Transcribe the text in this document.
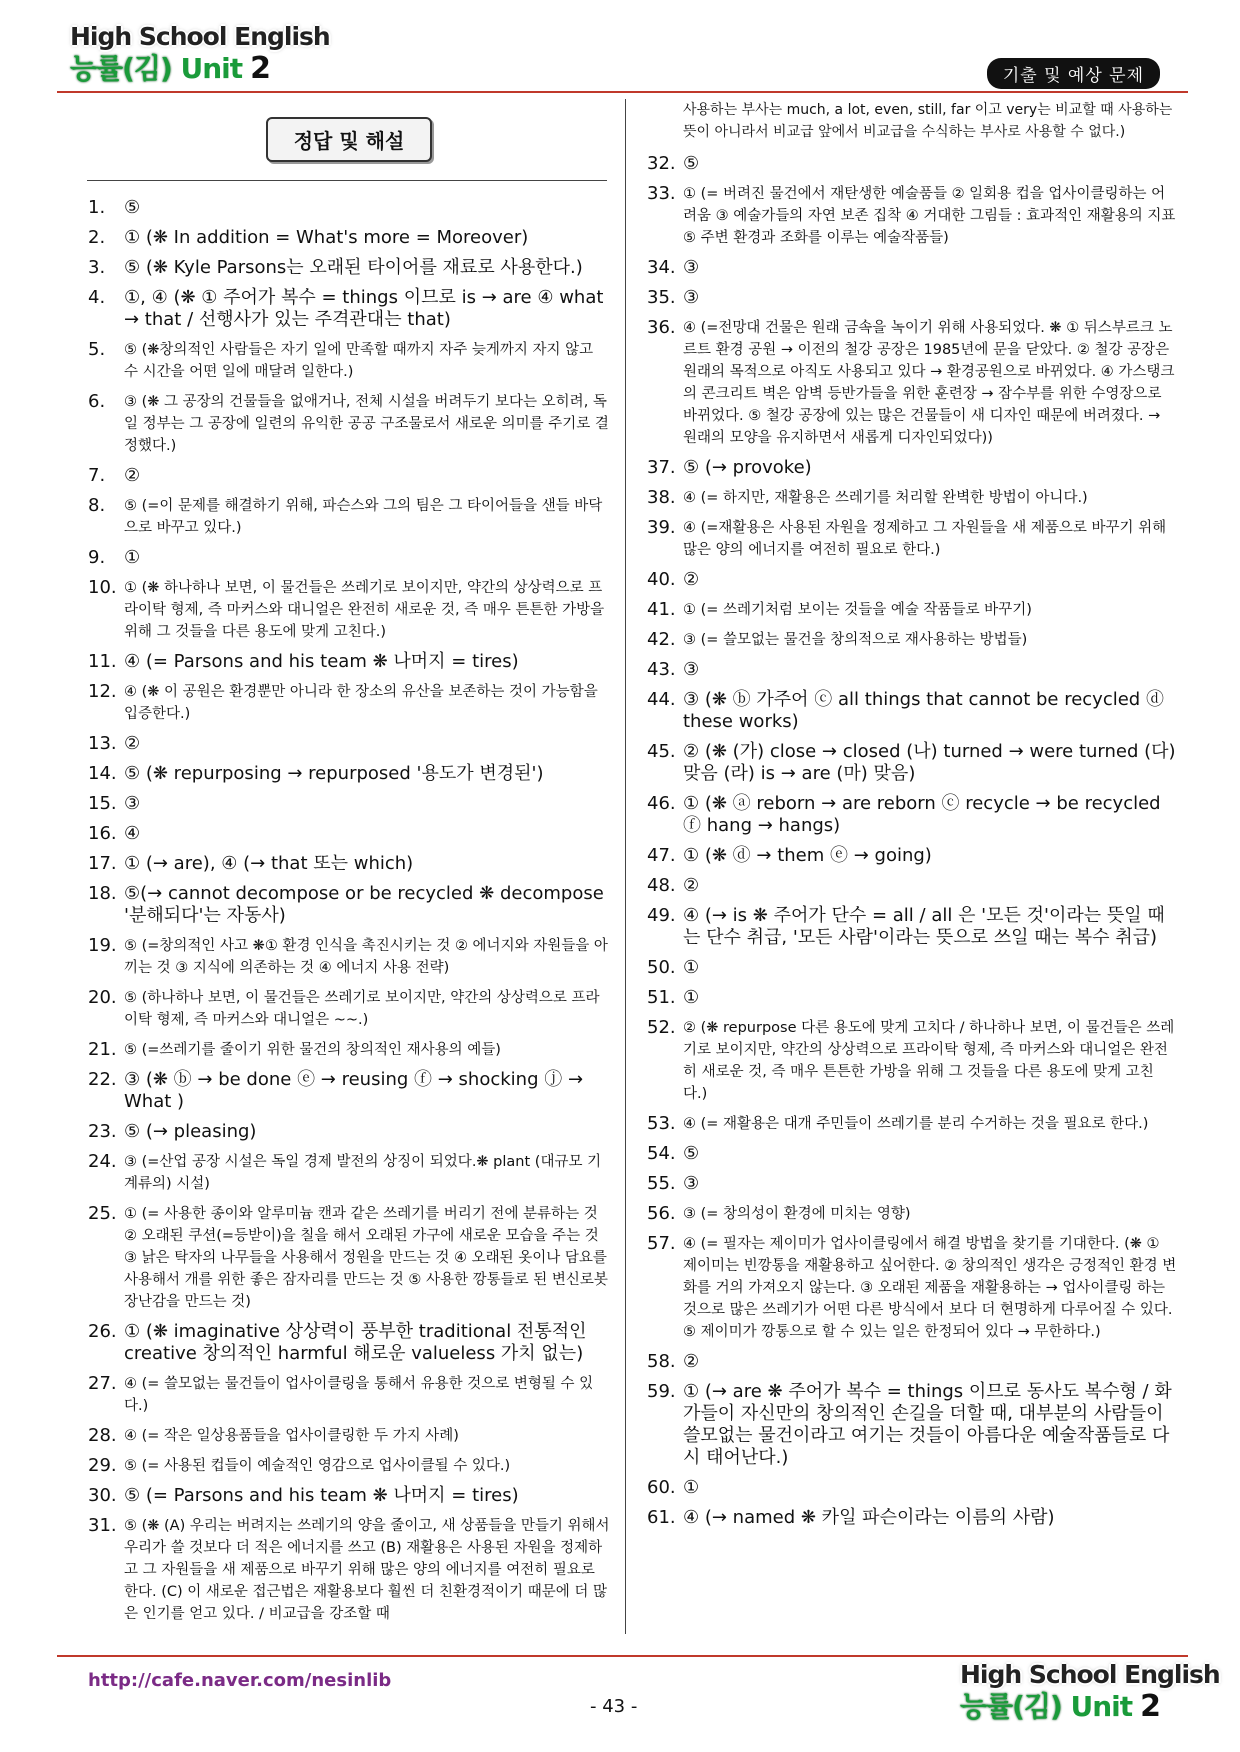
High School English
능률(김) Unit 2	기출 및 예상 문제
정답 및 해설
1.	⑤
2.	① (❋ In addition = What's more = Moreover)
3.	⑤ (❋ Kyle Parsons는 오래된 타이어를 재료로 사용한다.)
4.	①, ④ (❋ ① 주어가 복수 = things 이므로 is → are ④ what → that / 선행사가 있는 주격관대는 that)
5.	⑤ (❋창의적인 사람들은 자기 일에 만족할 때까지 자주 늦게까지 자지 않고 수 시간을 어떤 일에 매달려 일한다.)
6.	③ (❋ 그 공장의 건물들을 없애거나, 전체 시설을 버려두기 보다는 오히려, 독일 정부는 그 공장에 일련의 유익한 공공 구조물로서 새로운 의미를 주기로 결정했다.)
7.	②
8.	⑤ (=이 문제를 해결하기 위해, 파슨스와 그의 팀은 그 타이어들을 샌들 바닥으로 바꾸고 있다.)
9.	①
10. ① (❋ 하나하나 보면, 이 물건들은 쓰레기로 보이지만, 약간의 상상력으로 프라이탁 형제, 즉 마커스와 대니얼은 완전히 새로운 것, 즉 매우 튼튼한 가방을 위해 그 것들을 다른 용도에 맞게 고친다.)
11. ④ (= Parsons and his team ❋ 나머지 = tires)
12. ④ (❋ 이 공원은 환경뿐만 아니라 한 장소의 유산을 보존하는 것이 가능함을 입증한다.)
13. ②
14. ⑤ (❋ repurposing → repurposed '용도가 변경된')
15. ③
16. ④
17. ① (→ are), ④ (→ that 또는 which)
18. ⑤(→ cannot decompose or be recycled ❋ decompose '분해되다'는 자동사)
19. ⑤ (=창의적인 사고 ❋① 환경 인식을 촉진시키는 것 ② 에너지와 자원들을 아끼는 것 ③ 지식에 의존하는 것 ④ 에너지 사용 전략)
20. ⑤ (하나하나 보면, 이 물건들은 쓰레기로 보이지만, 약간의 상상력으로 프라이탁 형제, 즉 마커스와 대니얼은 ~~.)
21. ⑤ (=쓰레기를 줄이기 위한 물건의 창의적인 재사용의 예들)
22. ③ (❋ ⓑ → be done ⓔ → reusing ⓕ → shocking ⓙ → What )
23. ⑤ (→ pleasing)
24. ③ (=산업 공장 시설은 독일 경제 발전의 상징이 되었다.❋ plant (대규모 기계류의) 시설)
25. ① (= 사용한 종이와 알루미늄 캔과 같은 쓰레기를 버리기 전에 분류하는 것 ② 오래된 쿠션(=등받이)을 칠을 해서 오래된 가구에 새로운 모습을 주는 것 ③ 낡은 탁자의 나무들을 사용해서 정원을 만드는 것 ④ 오래된 옷이나 담요를 사용해서 개를 위한 좋은 잠자리를 만드는 것 ⑤ 사용한 깡통들로 된 변신로봇 장난감을 만드는 것)
26. ① (❋ imaginative 상상력이 풍부한 traditional 전통적인 creative 창의적인 harmful 해로운 valueless 가치 없는)
27. ④ (= 쓸모없는 물건들이 업사이클링을 통해서 유용한 것으로 변형될 수 있다.)
28. ④ (= 작은 일상용품들을 업사이클링한 두 가지 사례)
29. ⑤ (= 사용된 컵들이 예술적인 영감으로 업사이클될 수 있다.)
30. ⑤ (= Parsons and his team ❋ 나머지 = tires)
31. ⑤ (❋ (A) 우리는 버려지는 쓰레기의 양을 줄이고, 새 상품들을 만들기 위해서 우리가 쓸 것보다 더 적은 에너지를 쓰고 (B) 재활용은 사용된 자원을 정제하고 그 자원들을 새 제품으로 바꾸기 위해 많은 양의 에너지를 여전히 필요로 한다. (C) 이 새로운 접근법은 재활용보다 훨씬 더 친환경적이기 때문에 더 많은 인기를 얻고 있다. / 비교급을 강조할 때
사용하는 부사는 much, a lot, even, still, far 이고 very는 비교할 때 사용하는 뜻이 아니라서 비교급 앞에서 비교급을 수식하는 부사로 사용할 수 없다.)
32. ⑤
33. ① (= 버려진 물건에서 재탄생한 예술품들 ② 일회용 컵을 업사이클링하는 어려움 ③ 예술가들의 자연 보존 집착 ④ 거대한 그림들 : 효과적인 재활용의 지표 ⑤ 주변 환경과 조화를 이루는 예술작품들)
34. ③
35. ③
36. ④ (=전망대 건물은 원래 금속을 녹이기 위해 사용되었다. ❋ ① 뒤스부르크 노르트 환경 공원 → 이전의 철강 공장은 1985년에 문을 닫았다. ② 철강 공장은 원래의 목적으로 아직도 사용되고 있다 → 환경공원으로 바뀌었다. ④ 가스탱크의 콘크리트 벽은 암벽 등반가들을 위한 훈련장 → 잠수부를 위한 수영장으로 바뀌었다. ⑤ 철강 공장에 있는 많은 건물들이 새 디자인 때문에 버려졌다. → 원래의 모양을 유지하면서 새롭게 디자인되었다))
37. ⑤ (→ provoke)
38. ④ (= 하지만, 재활용은 쓰레기를 처리할 완벽한 방법이 아니다.)
39. ④ (=재활용은 사용된 자원을 정제하고 그 자원들을 새 제품으로 바꾸기 위해 많은 양의 에너지를 여전히 필요로 한다.)
40. ②
41. ① (= 쓰레기처럼 보이는 것들을 예술 작품들로 바꾸기)
42. ③ (= 쓸모없는 물건을 창의적으로 재사용하는 방법들)
43. ③
44. ③ (❋ ⓑ 가주어 ⓒ all things that cannot be recycled ⓓ these works)
45. ② (❋ (가) close → closed (나) turned → were turned (다) 맞음 (라) is → are (마) 맞음)
46. ① (❋ ⓐ reborn → are reborn ⓒ recycle → be recycled ⓕ hang → hangs)
47. ① (❋ ⓓ → them ⓔ → going)
48. ②
49. ④ (→ is ❋ 주어가 단수 = all / all 은 '모든 것'이라는 뜻일 때는 단수 취급, '모든 사람'이라는 뜻으로 쓰일 때는 복수 취급)
50. ①
51. ①
52. ② (❋ repurpose 다른 용도에 맞게 고치다 / 하나하나 보면, 이 물건들은 쓰레기로 보이지만, 약간의 상상력으로 프라이탁 형제, 즉 마커스와 대니얼은 완전히 새로운 것, 즉 매우 튼튼한 가방을 위해 그 것들을 다른 용도에 맞게 고친다.)
53. ④ (= 재활용은 대개 주민들이 쓰레기를 분리 수거하는 것을 필요로 한다.)
54. ⑤
55. ③
56. ③ (= 창의성이 환경에 미치는 영향)
57. ④ (= 필자는 제이미가 업사이클링에서 해결 방법을 찾기를 기대한다. (❋ ① 제이미는 빈깡통을 재활용하고 싶어한다. ② 창의적인 생각은 긍정적인 환경 변화를 거의 가져오지 않는다. ③ 오래된 제품을 재활용하는 → 업사이클링 하는 것으로 많은 쓰레기가 어떤 다른 방식에서 보다 더 현명하게 다루어질 수 있다. ⑤ 제이미가 깡통으로 할 수 있는 일은 한정되어 있다 → 무한하다.)
58. ②
59. ① (→ are ❋ 주어가 복수 = things 이므로 동사도 복수형 / 화가들이 자신만의 창의적인 손길을 더할 때, 대부분의 사람들이 쓸모없는 물건이라고 여기는 것들이 아름다운 예술작품들로 다시 태어난다.)
60. ①
61. ④ (→ named ❋ 카일 파슨이라는 이름의 사람)
http://cafe.naver.com/nesinlib
- 43 -
High School English
능률(김) Unit 2
